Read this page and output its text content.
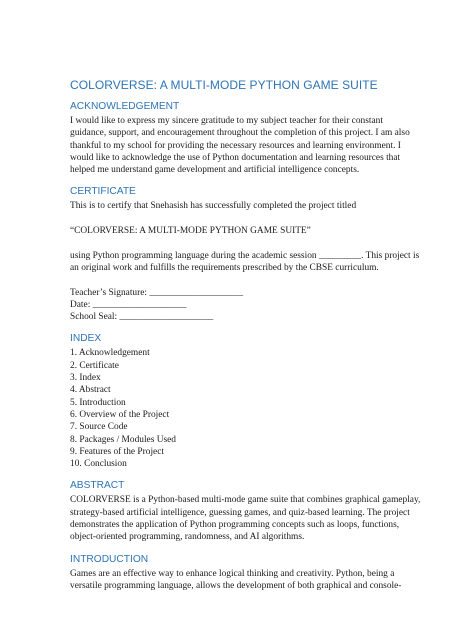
COLORVERSE: A MULTI-MODE PYTHON GAME SUITE
ACKNOWLEDGEMENT

I would like to express my sincere gratitude to my subject teacher for their constant
guidance, support, and encouragement throughout the completion of this project. I am also
thankful to my school for providing the necessary resources and learning environment. I
would like to acknowledge the use of Python documentation and learning resources that
helped me understand game development and artificial intelligence concepts.

CERTIFICATE

This is to certify that Snehasish has successfully completed the project titled

“COLORVERSE: A MULTI-MODE PYTHON GAME SUITE”

using Python programming language during the academic session _________. This project is
an original work and fulfills the requirements prescribed by the CBSE curriculum.

Teacher’s Signature: ____________________

Date: ____________________

School Seal: ____________________

INDEX
1. Acknowledgement
2. Certificate
3. Index
4. Abstract
5. Introduction
6. Overview of the Project
7. Source Code
8. Packages / Modules Used
9. Features of the Project
10. Conclusion
ABSTRACT

COLORVERSE is a Python-based multi-mode game suite that combines graphical gameplay,
strategy-based artificial intelligence, guessing games, and quiz-based learning. The project
demonstrates the application of Python programming concepts such as loops, functions,
object-oriented programming, randomness, and AI algorithms.

INTRODUCTION

Games are an effective way to enhance logical thinking and creativity. Python, being a
versatile programming language, allows the development of both graphical and console-
